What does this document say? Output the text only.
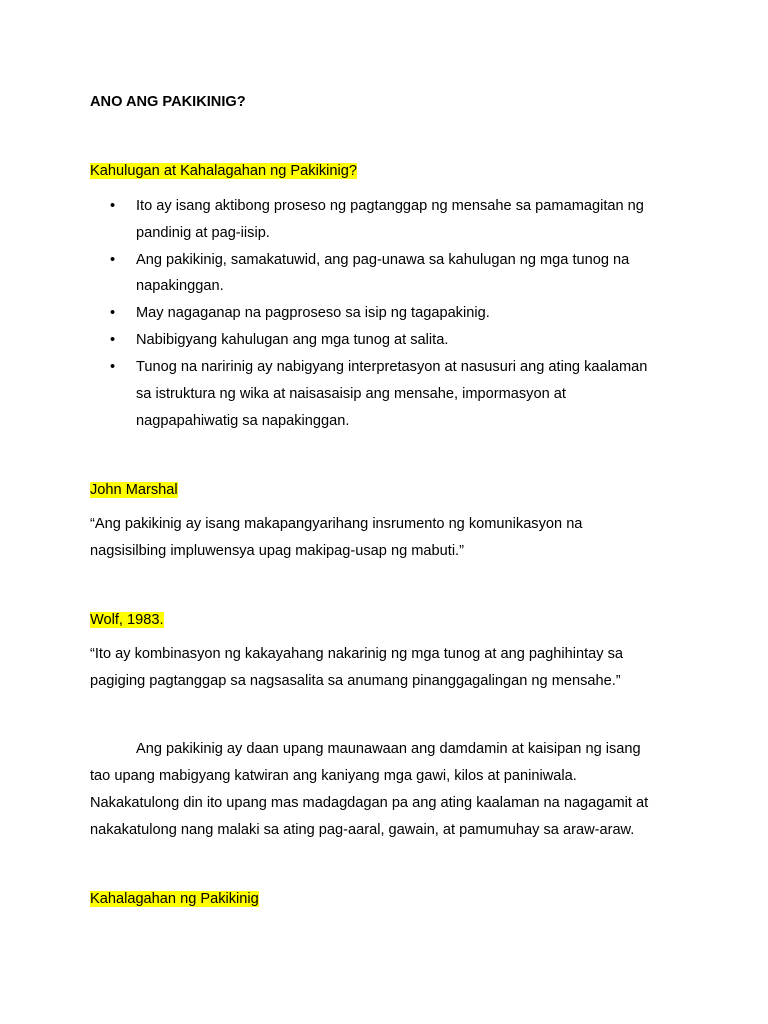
ANO ANG PAKIKINIG?
Kahulugan at Kahalagahan ng Pakikinig?
• Ito ay isang aktibong proseso ng pagtanggap ng mensahe sa pamamagitan ng
pandinig at pag-iisip.
• Ang pakikinig, samakatuwid, ang pag-unawa sa kahulugan ng mga tunog na
napakinggan.
• May nagaganap na pagproseso sa isip ng tagapakinig.
• Nabibigyang kahulugan ang mga tunog at salita.
• Tunog na naririnig ay nabigyang interpretasyon at nasusuri ang ating kaalaman
sa istruktura ng wika at naisasaisip ang mensahe, impormasyon at
nagpapahiwatig sa napakinggan.
John Marshal
“Ang pakikinig ay isang makapangyarihang insrumento ng komunikasyon na
nagsisilbing impluwensya upag makipag-usap ng mabuti.”
Wolf, 1983.
“Ito ay kombinasyon ng kakayahang nakarinig ng mga tunog at ang paghihintay sa
pagiging pagtanggap sa nagsasalita sa anumang pinanggagalingan ng mensahe.”
Ang pakikinig ay daan upang maunawaan ang damdamin at kaisipan ng isang
tao upang mabigyang katwiran ang kaniyang mga gawi, kilos at paniniwala.
Nakakatulong din ito upang mas madagdagan pa ang ating kaalaman na nagagamit at
nakakatulong nang malaki sa ating pag-aaral, gawain, at pamumuhay sa araw-araw.
Kahalagahan ng Pakikinig
